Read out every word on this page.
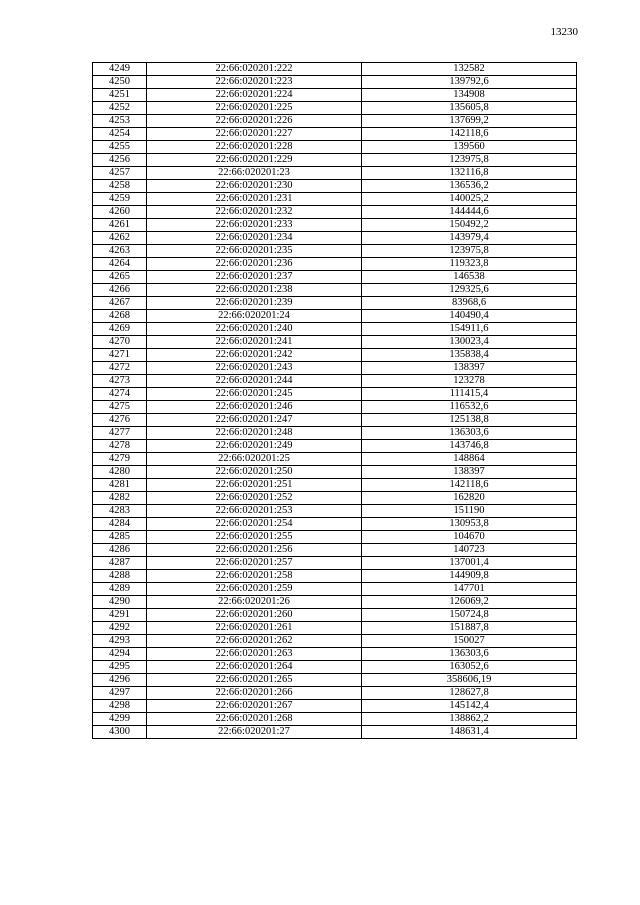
13230
4249	22:66:020201:222	132582
4250	22:66:020201:223	139792,6
4251	22:66:020201:224	134908
4252	22:66:020201:225	135605,8
4253	22:66:020201:226	137699,2
4254	22:66:020201:227	142118,6
4255	22:66:020201:228	139560
4256	22:66:020201:229	123975,8
4257	22:66:020201:23	132116,8
4258	22:66:020201:230	136536,2
4259	22:66:020201:231	140025,2
4260	22:66:020201:232	144444,6
4261	22:66:020201:233	150492,2
4262	22:66:020201:234	143979,4
4263	22:66:020201:235	123975,8
4264	22:66:020201:236	119323,8
4265	22:66:020201:237	146538
4266	22:66:020201:238	129325,6
4267	22:66:020201:239	83968,6
4268	22:66:020201:24	140490,4
4269	22:66:020201:240	154911,6
4270	22:66:020201:241	130023,4
4271	22:66:020201:242	135838,4
4272	22:66:020201:243	138397
4273	22:66:020201:244	123278
4274	22:66:020201:245	111415,4
4275	22:66:020201:246	116532,6
4276	22:66:020201:247	125138,8
4277	22:66:020201:248	136303,6
4278	22:66:020201:249	143746,8
4279	22:66:020201:25	148864
4280	22:66:020201:250	138397
4281	22:66:020201:251	142118,6
4282	22:66:020201:252	162820
4283	22:66:020201:253	151190
4284	22:66:020201:254	130953,8
4285	22:66:020201:255	104670
4286	22:66:020201:256	140723
4287	22:66:020201:257	137001,4
4288	22:66:020201:258	144909,8
4289	22:66:020201:259	147701
4290	22:66:020201:26	126069,2
4291	22:66:020201:260	150724,8
4292	22:66:020201:261	151887,8
4293	22:66:020201:262	150027
4294	22:66:020201:263	136303,6
4295	22:66:020201:264	163052,6
4296	22:66:020201:265	358606,19
4297	22:66:020201:266	128627,8
4298	22:66:020201:267	145142,4
4299	22:66:020201:268	138862,2
4300	22:66:020201:27	148631,4
